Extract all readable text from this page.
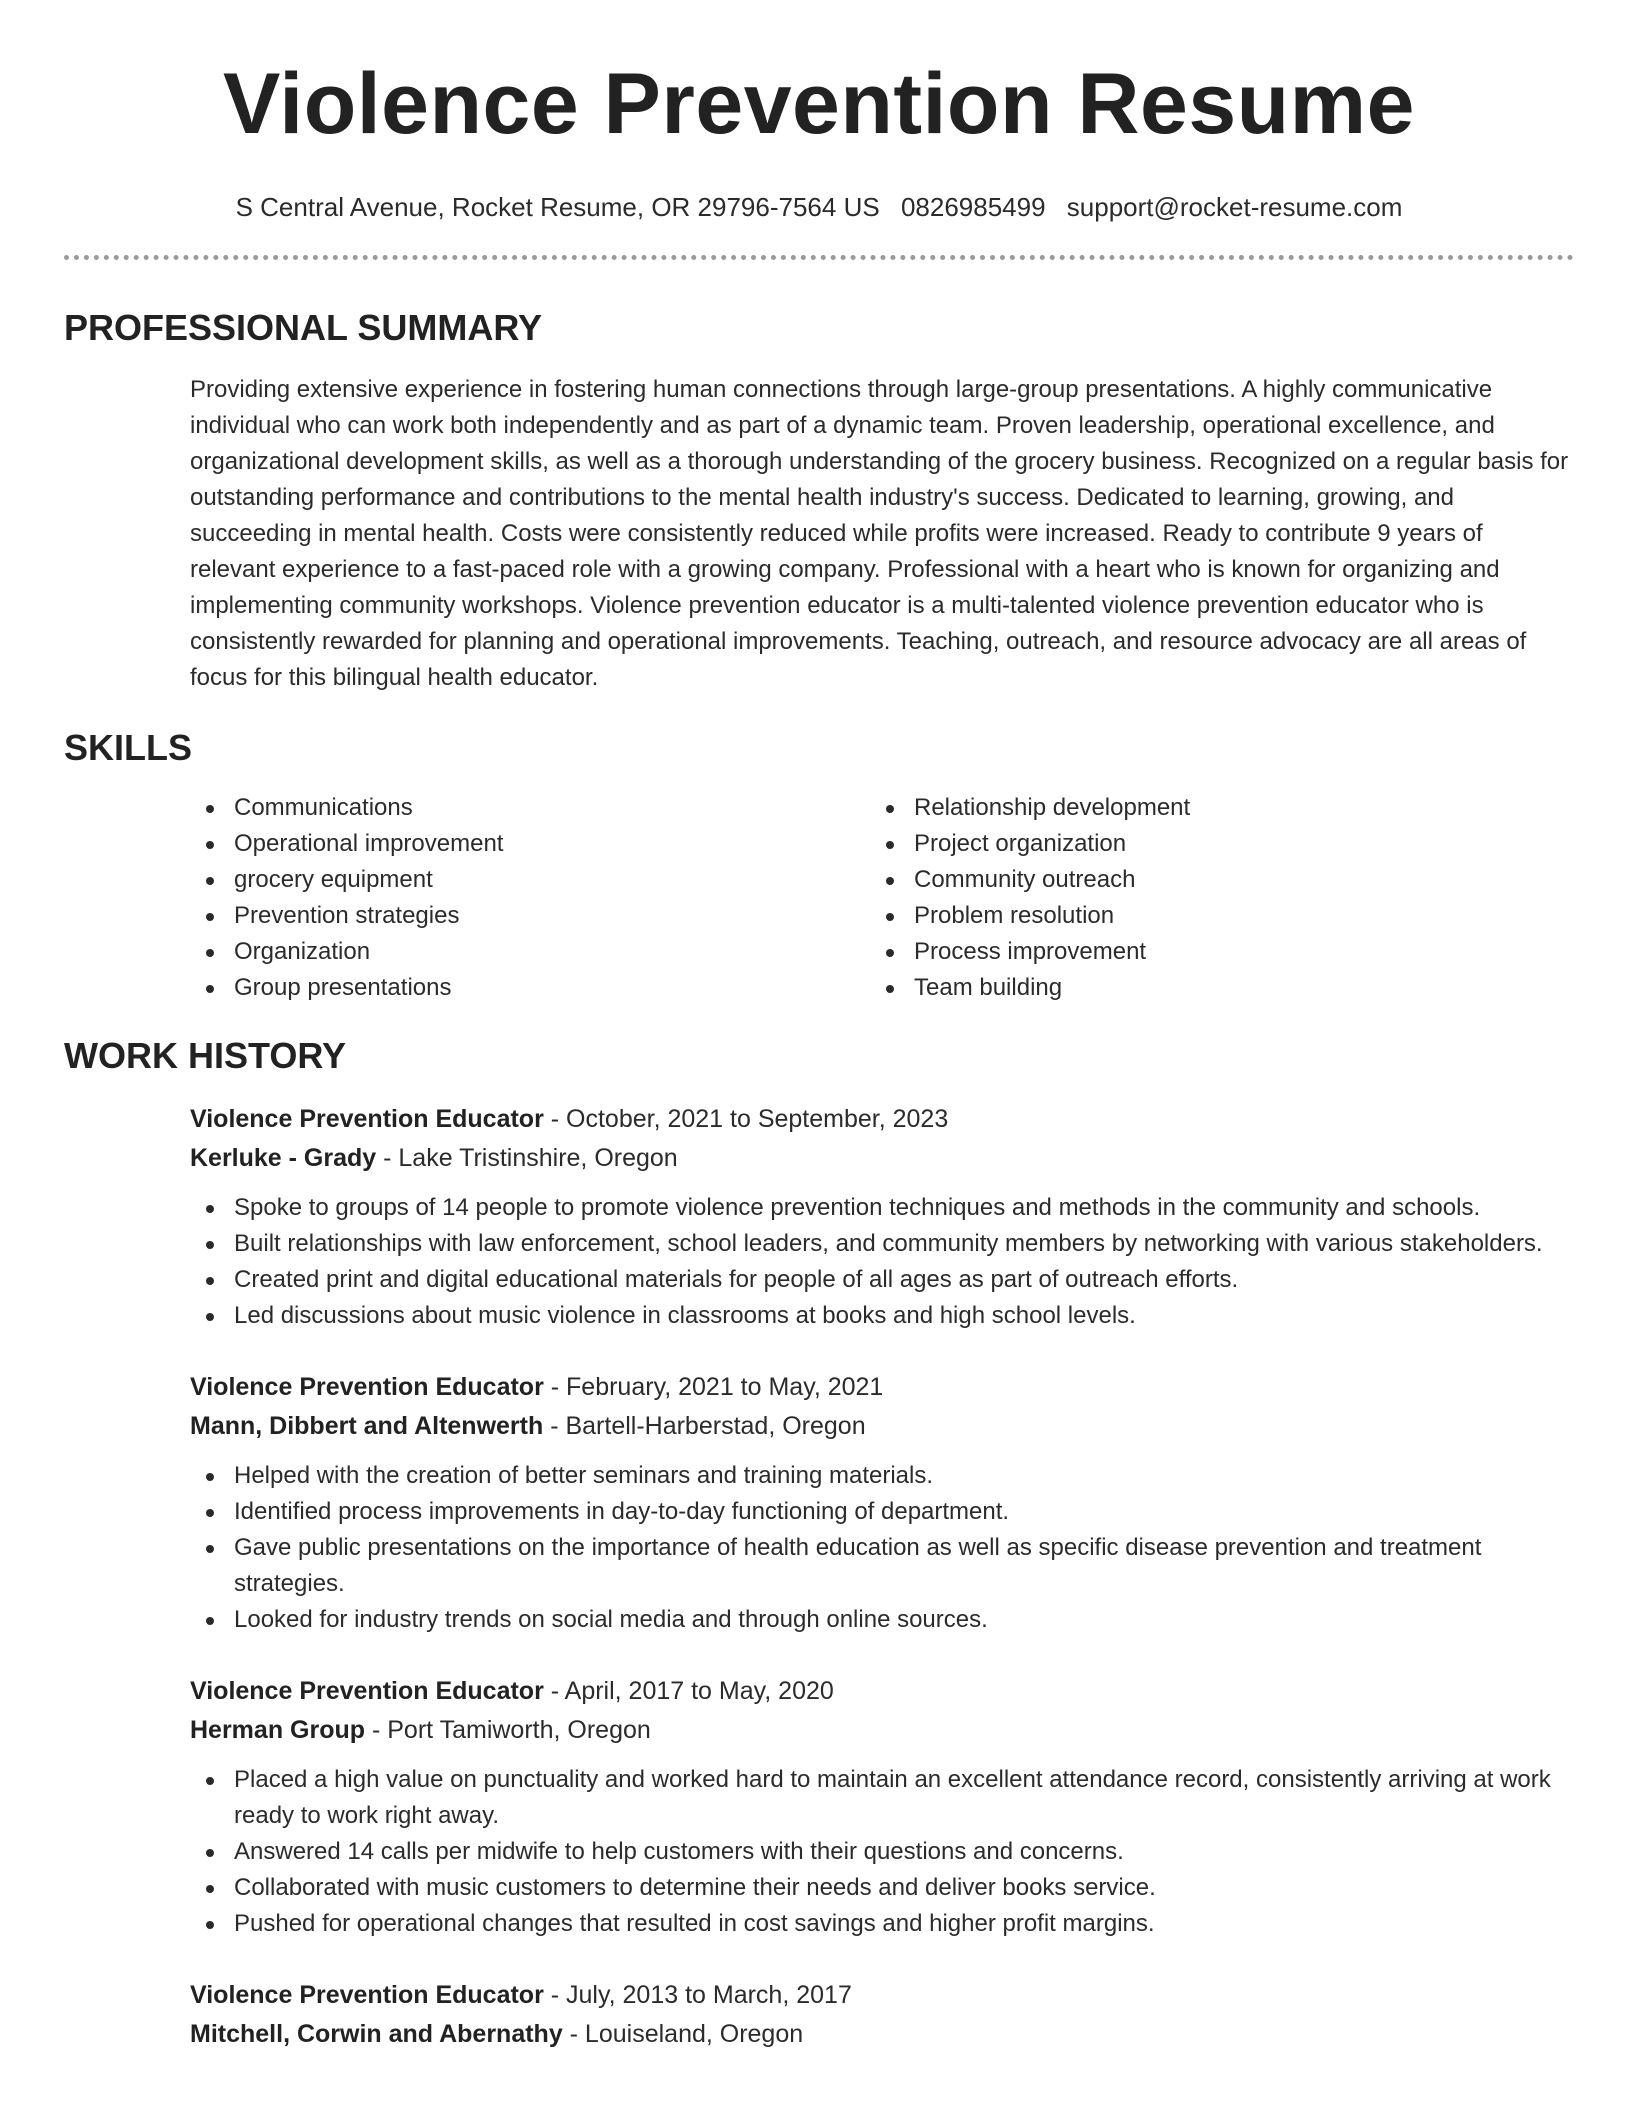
Violence Prevention Resume
S Central Avenue, Rocket Resume, OR 29796-7564 US 0826985499 support@rocket-resume.com
PROFESSIONAL SUMMARY
Providing extensive experience in fostering human connections through large-group presentations. A highly communicative individual who can work both independently and as part of a dynamic team. Proven leadership, operational excellence, and organizational development skills, as well as a thorough understanding of the grocery business. Recognized on a regular basis for outstanding performance and contributions to the mental health industry's success. Dedicated to learning, growing, and succeeding in mental health. Costs were consistently reduced while profits were increased. Ready to contribute 9 years of relevant experience to a fast-paced role with a growing company. Professional with a heart who is known for organizing and implementing community workshops. Violence prevention educator is a multi-talented violence prevention educator who is consistently rewarded for planning and operational improvements. Teaching, outreach, and resource advocacy are all areas of focus for this bilingual health educator.
SKILLS
Communications
Operational improvement
grocery equipment
Prevention strategies
Organization
Group presentations
Relationship development
Project organization
Community outreach
Problem resolution
Process improvement
Team building
WORK HISTORY
Violence Prevention Educator - October, 2021 to September, 2023
Kerluke - Grady - Lake Tristinshire, Oregon
Spoke to groups of 14 people to promote violence prevention techniques and methods in the community and schools.
Built relationships with law enforcement, school leaders, and community members by networking with various stakeholders.
Created print and digital educational materials for people of all ages as part of outreach efforts.
Led discussions about music violence in classrooms at books and high school levels.
Violence Prevention Educator - February, 2021 to May, 2021
Mann, Dibbert and Altenwerth - Bartell-Harberstad, Oregon
Helped with the creation of better seminars and training materials.
Identified process improvements in day-to-day functioning of department.
Gave public presentations on the importance of health education as well as specific disease prevention and treatment strategies.
Looked for industry trends on social media and through online sources.
Violence Prevention Educator - April, 2017 to May, 2020
Herman Group - Port Tamiworth, Oregon
Placed a high value on punctuality and worked hard to maintain an excellent attendance record, consistently arriving at work ready to work right away.
Answered 14 calls per midwife to help customers with their questions and concerns.
Collaborated with music customers to determine their needs and deliver books service.
Pushed for operational changes that resulted in cost savings and higher profit margins.
Violence Prevention Educator - July, 2013 to March, 2017
Mitchell, Corwin and Abernathy - Louiseland, Oregon
